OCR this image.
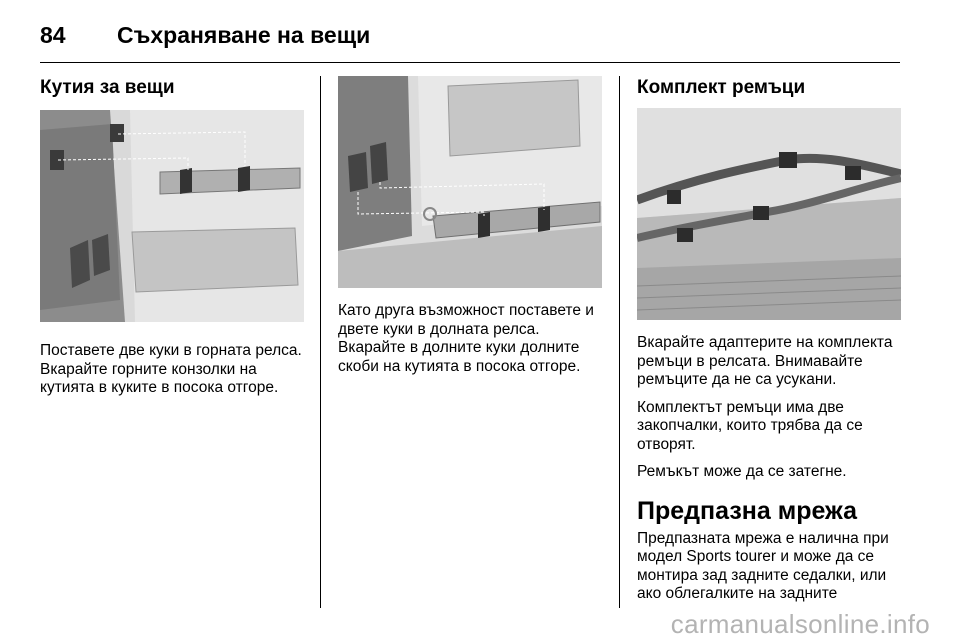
84 Съхраняване на вещи
Кутия за вещи

Поставете две куки в горната релса. Вкарайте горните конзолки на кутията в куките в посока отгоре.

Като друга възможност поставете и двете куки в долната релса. Вкарайте в долните куки долните скоби на кутията в посока отгоре.

Комплект ремъци

Вкарайте адаптерите на комплекта ремъци в релсата. Внимавайте ремъците да не са усукани.

Комплектът ремъци има две закопчалки, които трябва да се отворят.

Ремъкът може да се затегне.

Предпазна мрежа

Предпазната мрежа е налична при модел Sports tourer и може да се монтира зад задните седалки, или ако облегалките на задните

carmanualsonline.info
